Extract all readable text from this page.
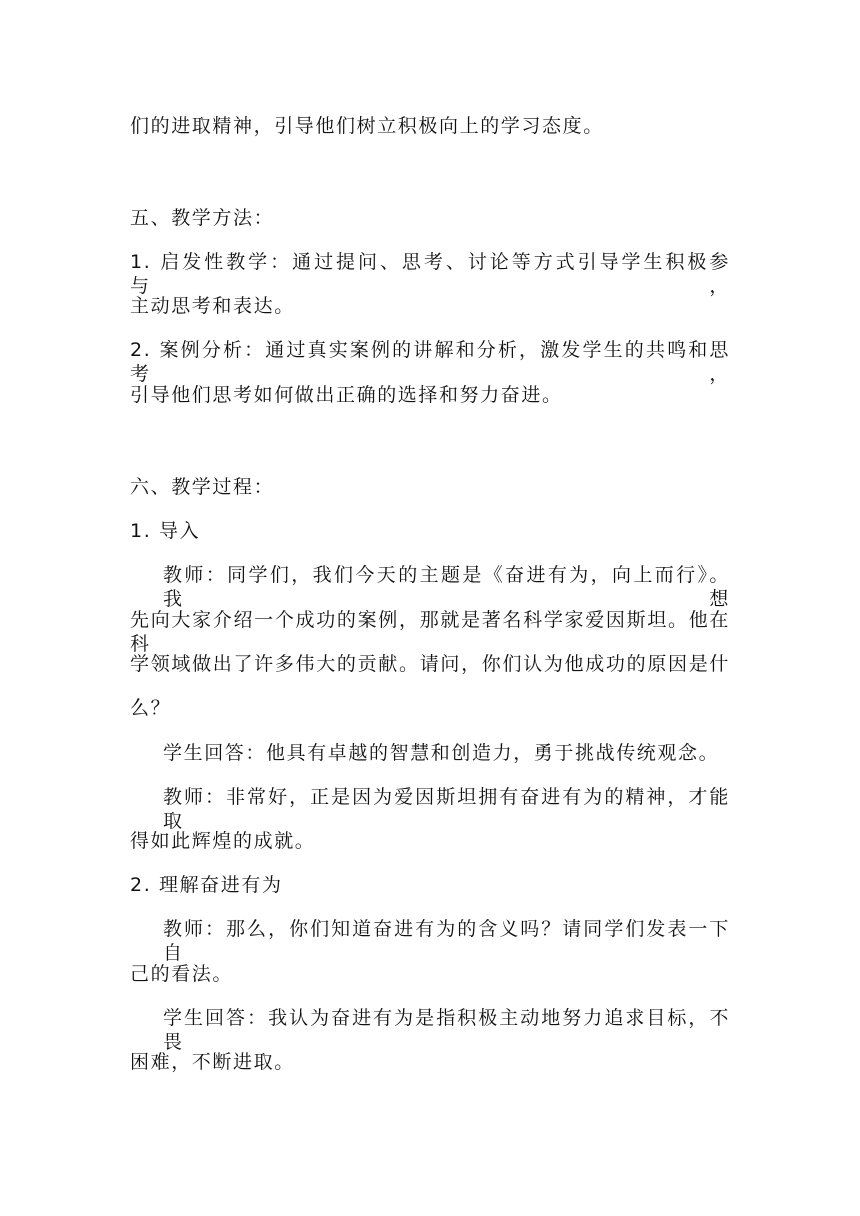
们的进取精神，引导他们树立积极向上的学习态度。
五、教学方法：
1. 启发性教学：通过提问、思考、讨论等方式引导学生积极参与，
主动思考和表达。
2. 案例分析：通过真实案例的讲解和分析，激发学生的共鸣和思考，
引导他们思考如何做出正确的选择和努力奋进。
六、教学过程：
1. 导入
教师：同学们，我们今天的主题是《奋进有为，向上而行》。我想
先向大家介绍一个成功的案例，那就是著名科学家爱因斯坦。他在科
学领域做出了许多伟大的贡献。请问，你们认为他成功的原因是什
么？
学生回答：他具有卓越的智慧和创造力，勇于挑战传统观念。
教师：非常好，正是因为爱因斯坦拥有奋进有为的精神，才能取
得如此辉煌的成就。
2. 理解奋进有为
教师：那么，你们知道奋进有为的含义吗？请同学们发表一下自
己的看法。
学生回答：我认为奋进有为是指积极主动地努力追求目标，不畏
困难，不断进取。
